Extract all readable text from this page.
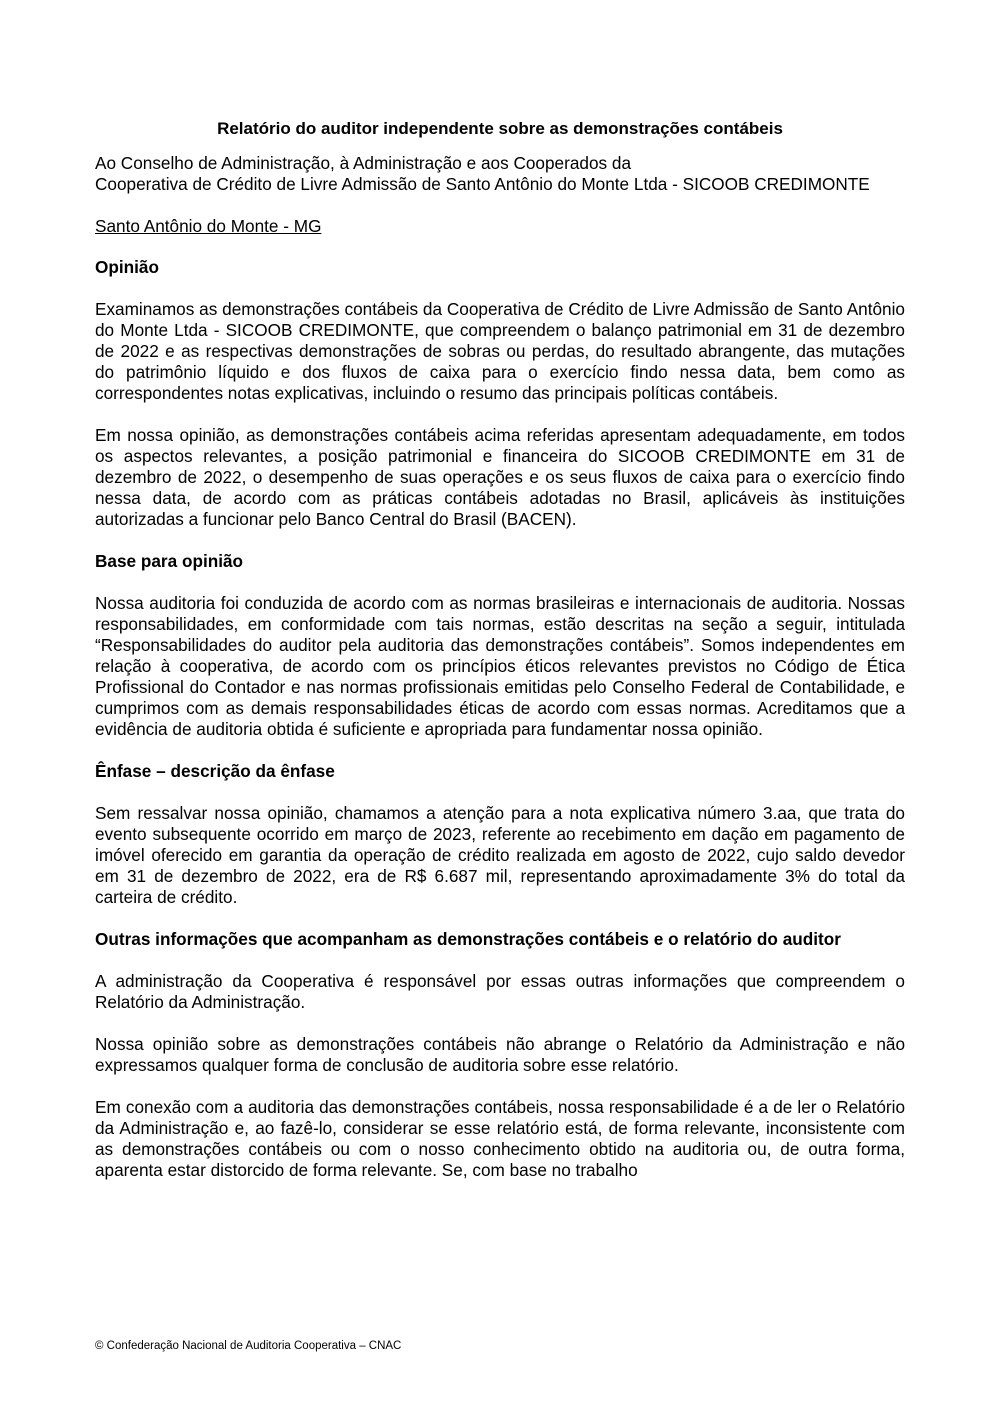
Relatório do auditor independente sobre as demonstrações contábeis
Ao Conselho de Administração, à Administração e aos Cooperados da
Cooperativa de Crédito de Livre Admissão de Santo Antônio do Monte Ltda - SICOOB CREDIMONTE
Santo Antônio do Monte - MG
Opinião

Examinamos as demonstrações contábeis da Cooperativa de Crédito de Livre Admissão de Santo Antônio do Monte Ltda - SICOOB CREDIMONTE, que compreendem o balanço patrimonial em 31 de dezembro de 2022 e as respectivas demonstrações de sobras ou perdas, do resultado abrangente, das mutações do patrimônio líquido e dos fluxos de caixa para o exercício findo nessa data, bem como as correspondentes notas explicativas, incluindo o resumo das principais políticas contábeis.

Em nossa opinião, as demonstrações contábeis acima referidas apresentam adequadamente, em todos os aspectos relevantes, a posição patrimonial e financeira do SICOOB CREDIMONTE em 31 de dezembro de 2022, o desempenho de suas operações e os seus fluxos de caixa para o exercício findo nessa data, de acordo com as práticas contábeis adotadas no Brasil, aplicáveis às instituições autorizadas a funcionar pelo Banco Central do Brasil (BACEN).

Base para opinião

Nossa auditoria foi conduzida de acordo com as normas brasileiras e internacionais de auditoria. Nossas responsabilidades, em conformidade com tais normas, estão descritas na seção a seguir, intitulada “Responsabilidades do auditor pela auditoria das demonstrações contábeis”. Somos independentes em relação à cooperativa, de acordo com os princípios éticos relevantes previstos no Código de Ética Profissional do Contador e nas normas profissionais emitidas pelo Conselho Federal de Contabilidade, e cumprimos com as demais responsabilidades éticas de acordo com essas normas. Acreditamos que a evidência de auditoria obtida é suficiente e apropriada para fundamentar nossa opinião.

Ênfase – descrição da ênfase

Sem ressalvar nossa opinião, chamamos a atenção para a nota explicativa número 3.aa, que trata do evento subsequente ocorrido em março de 2023, referente ao recebimento em dação em pagamento de imóvel oferecido em garantia da operação de crédito realizada em agosto de 2022, cujo saldo devedor em 31 de dezembro de 2022, era de R$ 6.687 mil, representando aproximadamente 3% do total da carteira de crédito.

Outras informações que acompanham as demonstrações contábeis e o relatório do auditor

A administração da Cooperativa é responsável por essas outras informações que compreendem o Relatório da Administração.

Nossa opinião sobre as demonstrações contábeis não abrange o Relatório da Administração e não expressamos qualquer forma de conclusão de auditoria sobre esse relatório.

Em conexão com a auditoria das demonstrações contábeis, nossa responsabilidade é a de ler o Relatório da Administração e, ao fazê-lo, considerar se esse relatório está, de forma relevante, inconsistente com as demonstrações contábeis ou com o nosso conhecimento obtido na auditoria ou, de outra forma, aparenta estar distorcido de forma relevante. Se, com base no trabalho

© Confederação Nacional de Auditoria Cooperativa – CNAC
